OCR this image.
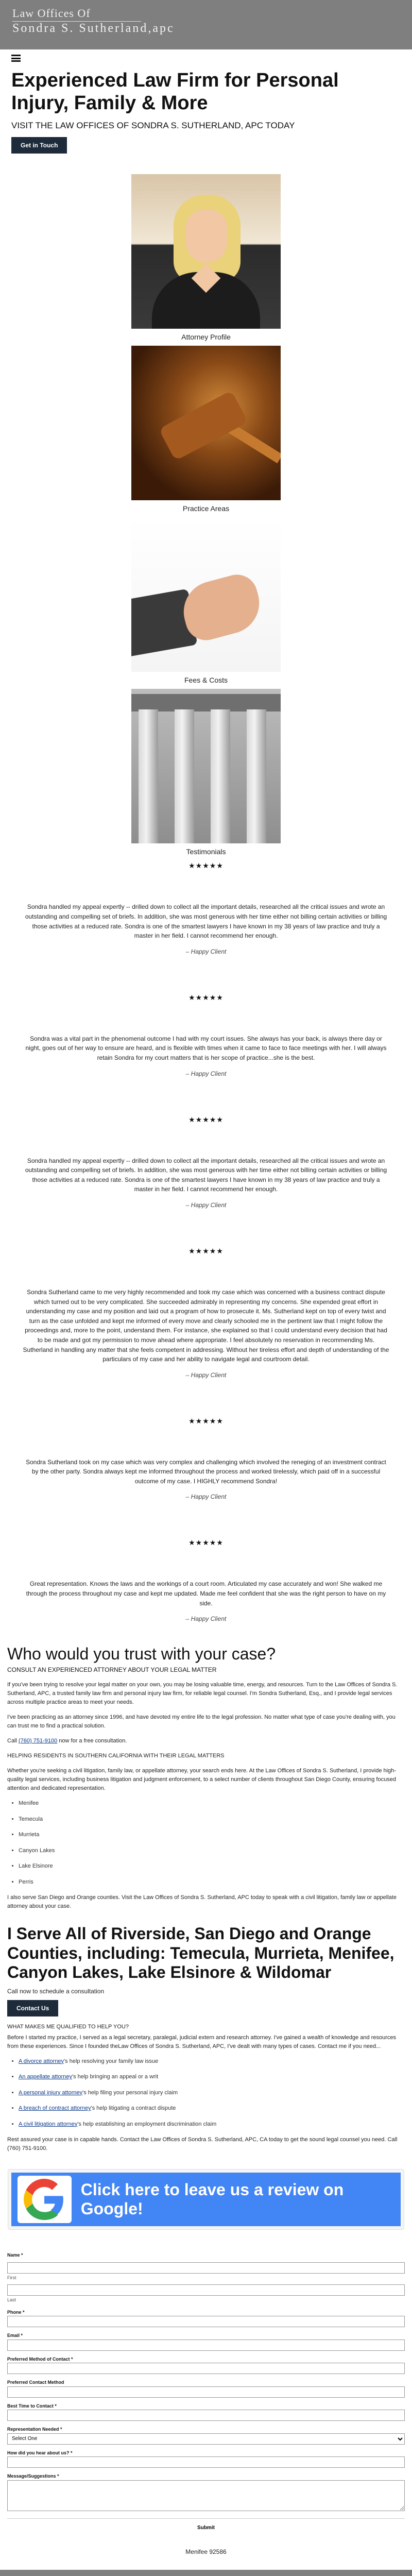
Law Offices Of
Sondra S. Sutherland,apc
Experienced Law Firm for Personal Injury, Family & More
VISIT THE LAW OFFICES OF SONDRA S. SUTHERLAND, APC TODAY
Get in Touch
Attorney Profile
Practice Areas
Fees & Costs
Testimonials
★★★★★

Sondra handled my appeal expertly -- drilled down to collect all the important details, researched all the critical issues and wrote an outstanding and compelling set of briefs. In addition, she was most generous with her time either not billing certain activities or billing those activities at a reduced rate. Sondra is one of the smartest lawyers I have known in my 38 years of law practice and truly a master in her field. I cannot recommend her enough.

– Happy Client
★★★★★

Sondra was a vital part in the phenomenal outcome I had with my court issues. She always has your back, is always there day or night, goes out of her way to ensure are heard, and is flexible with times when it came to face to face meetings with her. I will always retain Sondra for my court matters that is her scope of practice...she is the best.

– Happy Client
★★★★★

Sondra handled my appeal expertly -- drilled down to collect all the important details, researched all the critical issues and wrote an outstanding and compelling set of briefs. In addition, she was most generous with her time either not billing certain activities or billing those activities at a reduced rate. Sondra is one of the smartest lawyers I have known in my 38 years of law practice and truly a master in her field. I cannot recommend her enough.

– Happy Client
★★★★★

Sondra Sutherland came to me very highly recommended and took my case which was concerned with a business contract dispute which turned out to be very complicated. She succeeded admirably in representing my concerns. She expended great effort in understanding my case and my position and laid out a program of how to prosecute it. Ms. Sutherland kept on top of every twist and turn as the case unfolded and kept me informed of every move and clearly schooled me in the pertinent law that I might follow the proceedings and, more to the point, understand them. For instance, she explained so that I could understand every decision that had to be made and got my permission to move ahead where appropriate. I feel absolutely no reservation in recommending Ms. Sutherland in handling any matter that she feels competent in addressing. Without her tireless effort and depth of understanding of the particulars of my case and her ability to navigate legal and courtroom detail.

– Happy Client
★★★★★

Sondra Sutherland took on my case which was very complex and challenging which involved the reneging of an investment contract by the other party. Sondra always kept me informed throughout the process and worked tirelessly, which paid off in a successful outcome of my case. I HIGHLY recommend Sondra!

– Happy Client
★★★★★

Great representation. Knows the laws and the workings of a court room. Articulated my case accurately and won! She walked me through the process throughout my case and kept me updated. Made me feel confident that she was the right person to have on my side.

– Happy Client
Who would you trust with your case?
CONSULT AN EXPERIENCED ATTORNEY ABOUT YOUR LEGAL MATTER

If you've been trying to resolve your legal matter on your own, you may be losing valuable time, energy, and resources. Turn to the Law Offices of Sondra S. Sutherland, APC, a trusted family law firm and personal injury law firm, for reliable legal counsel. I'm Sondra Sutherland, Esq., and I provide legal services across multiple practice areas to meet your needs.

I've been practicing as an attorney since 1996, and have devoted my entire life to the legal profession. No matter what type of case you're dealing with, you can trust me to find a practical solution.

Call (760) 751-9100 now for a free consultation.

HELPING RESIDENTS IN SOUTHERN CALIFORNIA WITH THEIR LEGAL MATTERS

Whether you're seeking a civil litigation, family law, or appellate attorney, your search ends here. At the Law Offices of Sondra S. Sutherland, I provide high-quality legal services, including business litigation and judgment enforcement, to a select number of clients throughout San Diego County, ensuring focused attention and dedicated representation.

• Menifee
• Temecula
• Murrieta
• Canyon Lakes
• Lake Elsinore
• Perris

I also serve San Diego and Orange counties. Visit the Law Offices of Sondra S. Sutherland, APC today to speak with a civil litigation, family law or appellate attorney about your case.

I Serve All of Riverside, San Diego and Orange Counties, including: Temecula, Murrieta, Menifee, Canyon Lakes, Lake Elsinore & Wildomar
Call now to schedule a consultation
Contact Us

WHAT MAKES ME QUALIFIED TO HELP YOU?

Before I started my practice, I served as a legal secretary, paralegal, judicial extern and research attorney. I've gained a wealth of knowledge and resources from these experiences. Since I founded theLaw Offices of Sondra S. Sutherland, APC, I've dealt with many types of cases. Contact me if you need...

• A divorce attorney's help resolving your family law issue
• An appellate attorney's help bringing an appeal or a writ
• A personal injury attorney's help filing your personal injury claim
• A breach of contract attorney's help litigating a contract dispute
• A civil litigation attorney's help establishing an employment discrimination claim

Rest assured your case is in capable hands. Contact the Law Offices of Sondra S. Sutherland, APC, CA today to get the sound legal counsel you need. Call (760) 751-9100.

Click here to leave us a review on Google!
Name *
First
Last
Phone *
Email *
Preferred Method of Contact *
Preferred Contact Method
Best Time to Contact *
Representation Needed *
Select One
How did you hear about us? *
Message/Suggestions *
Submit
Menifee 92586
